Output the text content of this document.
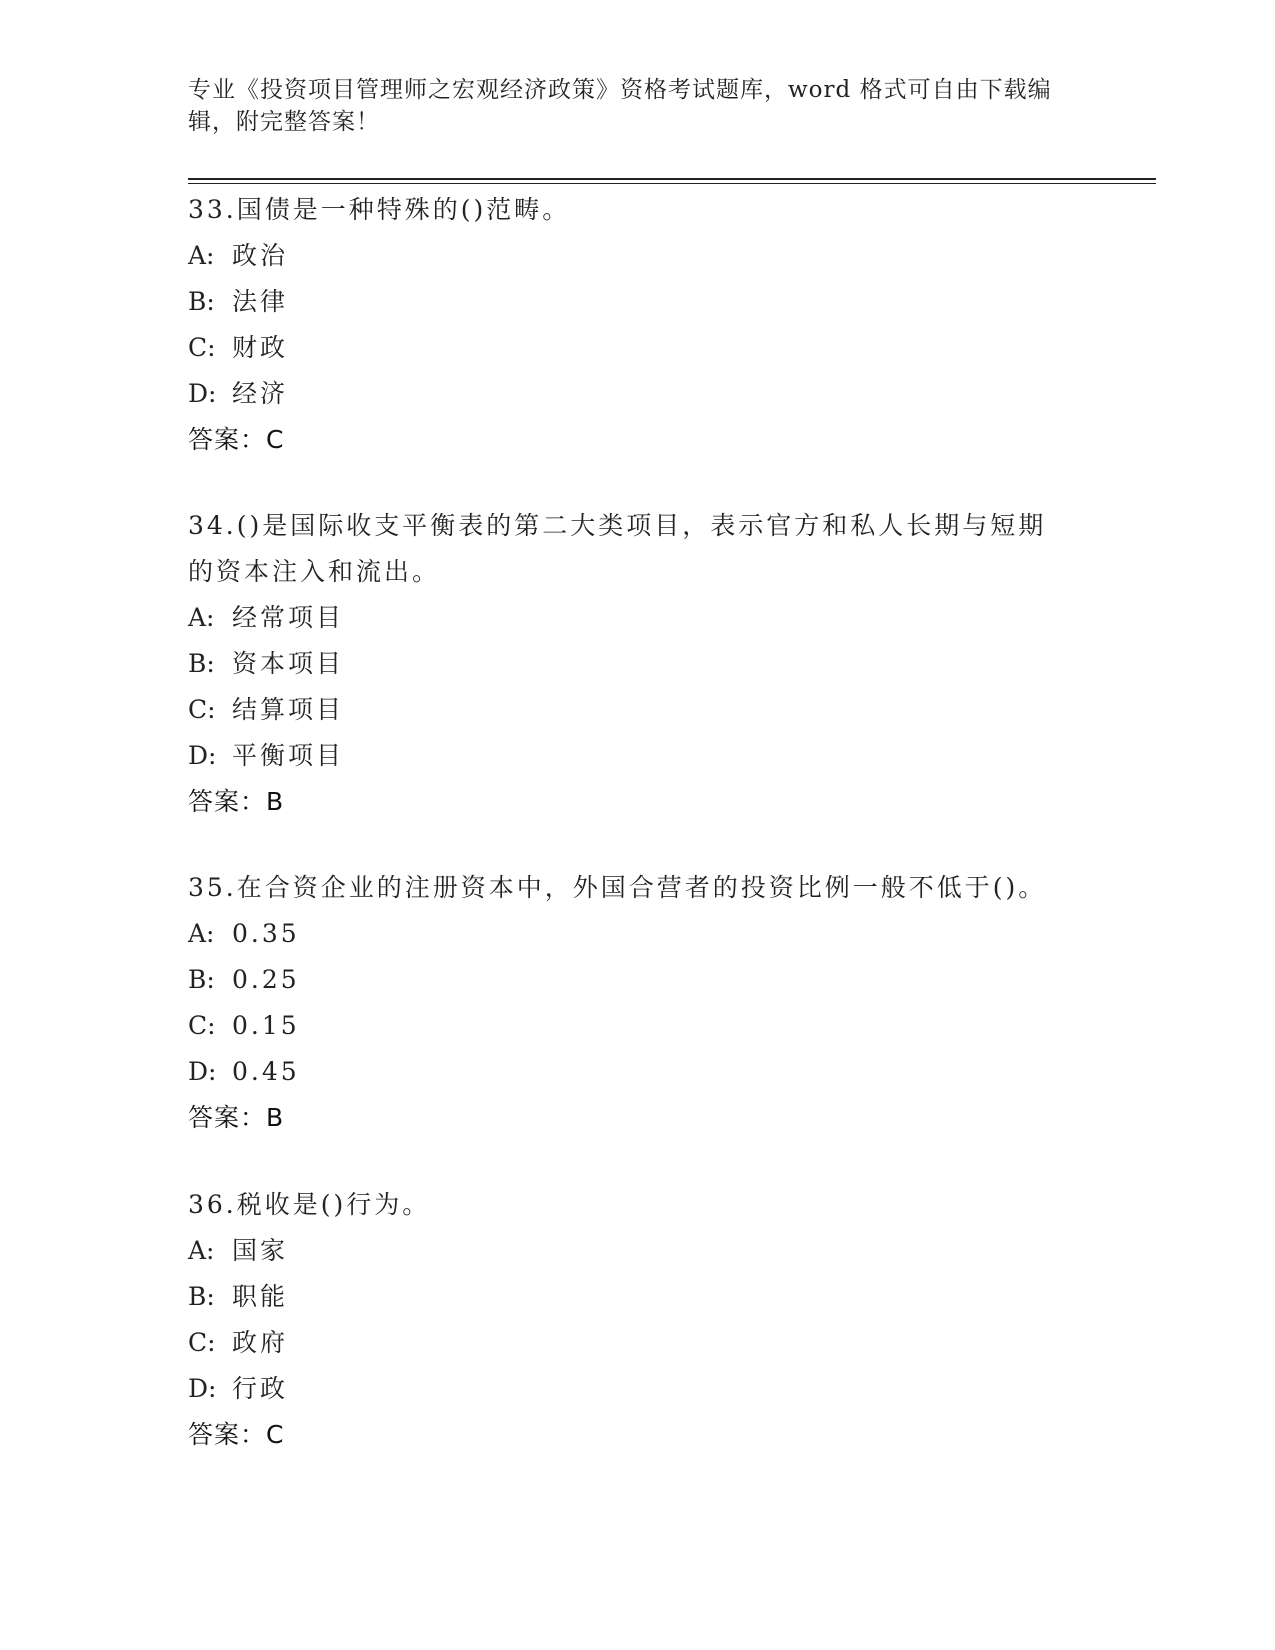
专业《投资项目管理师之宏观经济政策》资格考试题库，word 格式可自由下载编
辑，附完整答案！
33.国债是一种特殊的()范畴。
A: 政治
B: 法律
C: 财政
D: 经济
答案：C
34.()是国际收支平衡表的第二大类项目，表示官方和私人长期与短期
的资本注入和流出。
A: 经常项目
B: 资本项目
C: 结算项目
D: 平衡项目
答案：B
35.在合资企业的注册资本中，外国合营者的投资比例一般不低于()。
A: 0.35
B: 0.25
C: 0.15
D: 0.45
答案：B
36.税收是()行为。
A: 国家
B: 职能
C: 政府
D: 行政
答案：C
